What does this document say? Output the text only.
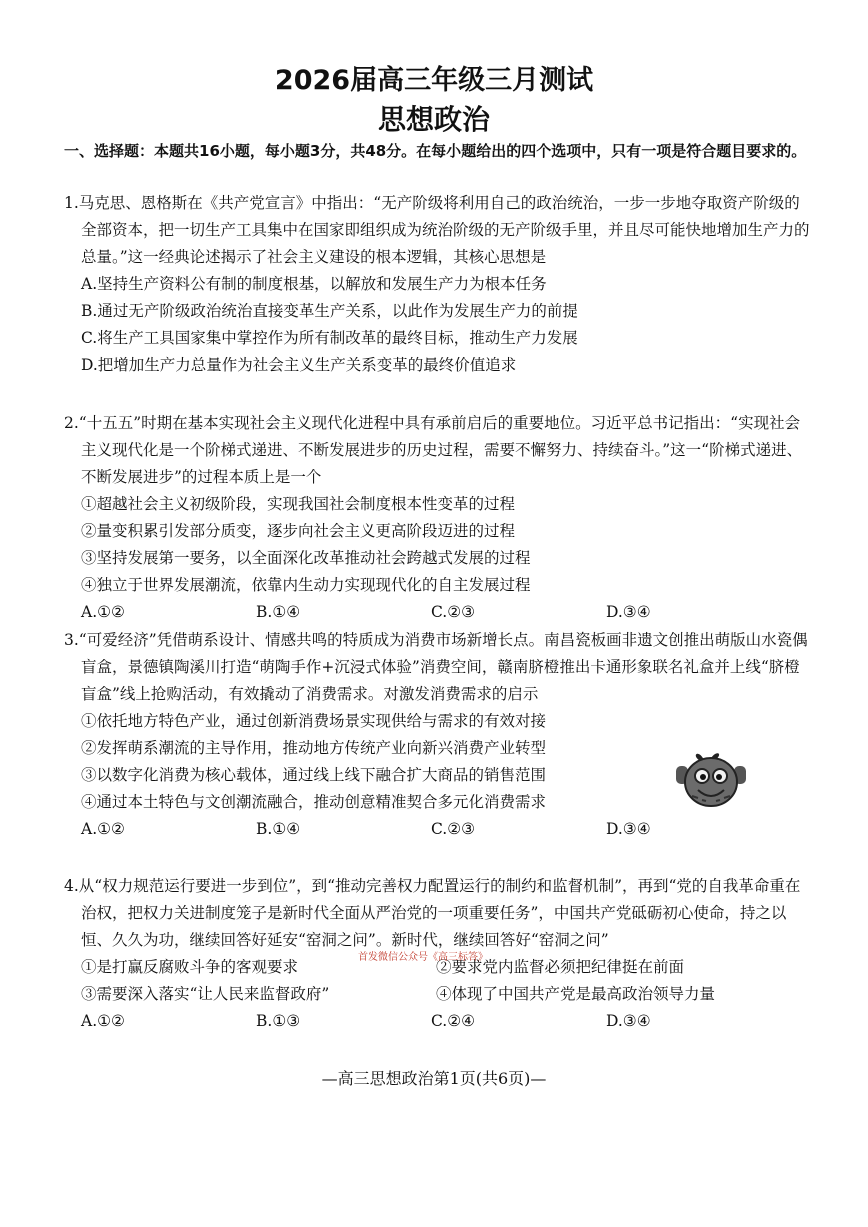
2026届高三年级三月测试
思想政治
一、选择题：本题共16小题，每小题3分，共48分。在每小题给出的四个选项中，只有一项是符合题目要求的。

1.马克思、恩格斯在《共产党宣言》中指出：“无产阶级将利用自己的政治统治，一步一步地夺取资产阶级的全部资本，把一切生产工具集中在国家即组织成为统治阶级的无产阶级手里，并且尽可能快地增加生产力的总量。”这一经典论述揭示了社会主义建设的根本逻辑，其核心思想是

A.坚持生产资料公有制的制度根基，以解放和发展生产力为根本任务

B.通过无产阶级政治统治直接变革生产关系，以此作为发展生产力的前提

C.将生产工具国家集中掌控作为所有制改革的最终目标，推动生产力发展

D.把增加生产力总量作为社会主义生产关系变革的最终价值追求

2.“十五五”时期在基本实现社会主义现代化进程中具有承前启后的重要地位。习近平总书记指出：“实现社会主义现代化是一个阶梯式递进、不断发展进步的历史过程，需要不懈努力、持续奋斗。”这一“阶梯式递进、不断发展进步”的过程本质上是一个

①超越社会主义初级阶段，实现我国社会制度根本性变革的过程

②量变积累引发部分质变，逐步向社会主义更高阶段迈进的过程

③坚持发展第一要务，以全面深化改革推动社会跨越式发展的过程

④独立于世界发展潮流，依靠内生动力实现现代化的自主发展过程

A.①②	B.①④	C.②③	D.③④

3.“可爱经济”凭借萌系设计、情感共鸣的特质成为消费市场新增长点。南昌瓷板画非遗文创推出萌版山水瓷偶盲盒，景德镇陶溪川打造“萌陶手作+沉浸式体验”消费空间，赣南脐橙推出卡通形象联名礼盒并上线“脐橙盲盒”线上抢购活动，有效撬动了消费需求。对激发消费需求的启示

①依托地方特色产业，通过创新消费场景实现供给与需求的有效对接

②发挥萌系潮流的主导作用，推动地方传统产业向新兴消费产业转型

③以数字化消费为核心载体，通过线上线下融合扩大商品的销售范围

④通过本土特色与文创潮流融合，推动创意精准契合多元化消费需求

A.①②	B.①④	C.②③	D.③④

4.从“权力规范运行要进一步到位”，到“推动完善权力配置运行的制约和监督机制”，再到“党的自我革命重在治权，把权力关进制度笼子是新时代全面从严治党的一项重要任务”，中国共产党砥砺初心使命，持之以恒、久久为功，继续回答好延安“窑洞之问”。新时代，继续回答好“窑洞之问”

①是打赢反腐败斗争的客观要求	②要求党内监督必须把纪律挺在前面
③需要深入落实“让人民来监督政府”	④体现了中国共产党是最高政治领导力量
A.①②	B.①③	C.②④	D.③④
首发微信公众号《高三标答》
—高三思想政治第1页(共6页)—
